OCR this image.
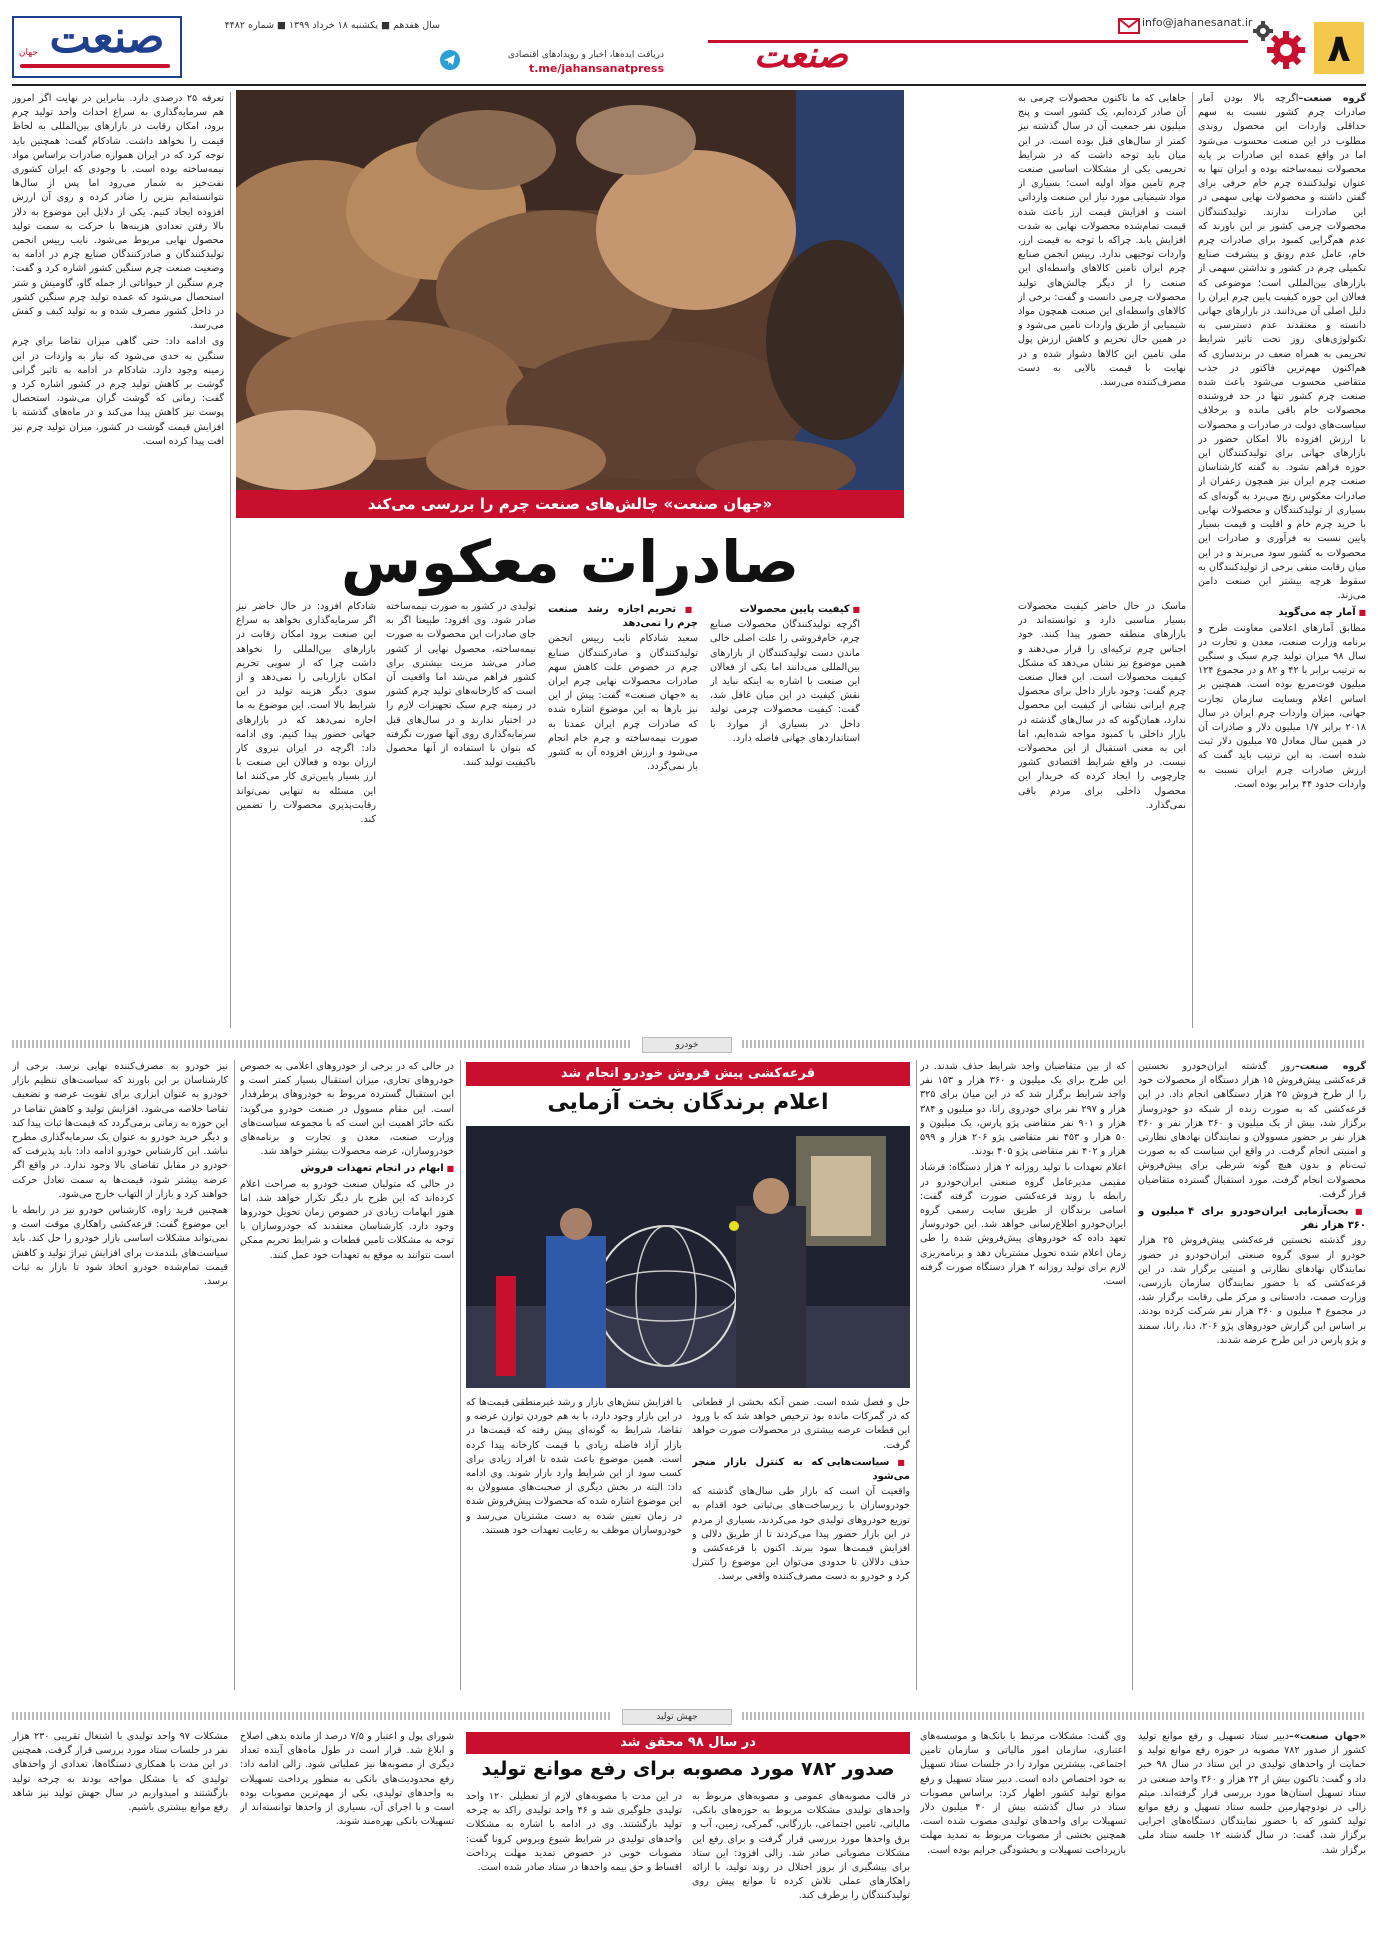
۸
info@jahanesanat.ir
صنعت
دریافت ایده‌ها، اخبار و رویدادهای اقتصادی
t.me/jahansanatpress
سال هفدهم ■ یکشنبه ۱۸ خرداد ۱۳۹۹ ■ شماره ۴۴۸۲
صنعت
جهان
«جهان صنعت» چالش‌های صنعت چرم را بررسی می‌کند
صادرات معکوس

گروه صنعت–اگرچه بالا بودن آمار صادرات چرم کشور نسبت به سهم حداقلی واردات این محصول روندی مطلوب در این صنعت محسوب می‌شود اما در واقع عمده این صادرات بر پایه محصولات نیمه‌ساخته بوده و ایران تنها به عنوان تولیدکننده چرم خام حرفی برای گفتن داشته و محصولات نهایی سهمی در این صادرات ندارند. تولیدکنندگان محصولات چرمی کشور بر این باورند که عدم هم‌گرایی کمبود برای صادرات چرم خام، عامل عدم رونق و پیشرفت صنایع تکمیلی چرم در کشور و نداشتن سهمی از بازارهای بین‌المللی است؛ موضوعی که فعالان این حوزه کیفیت پایین چرم ایران را دلیل اصلی آن می‌دانند. در بازارهای جهانی دانسته و معتقدند عدم دسترسی به تکنولوژی‌های روز تحت تاثیر شرایط تحریمی به همراه ضعف در برندسازی که هم‌اکنون مهم‌ترین فاکتور در جذب متقاضی محسوب می‌شود باعث شده صنعت چرم کشور تنها در حد فروشنده محصولات خام باقی مانده و برخلاف سیاست‌های دولت در صادرات و محصولات با ارزش افزوده بالا امکان حضور در بازارهای جهانی برای تولیدکنندگان این حوزه فراهم نشود. به گفته کارشناسان صنعت چرم ایران نیز همچون زعفران از صادرات معکوس رنج می‌برد به گونه‌ای که بسیاری از تولیدکنندگان و محصولات نهایی با خرید چرم خام و اقلیت و قیمت بسیار پایین نسبت به فرآوری و صادرات این محصولات به کشور سود می‌برند و در این میان رقابت منفی برخی از تولیدکنندگان به سقوط هرچه بیشتر این صنعت دامن می‌زند.

■ آمار چه می‌گوید

مطابق آمارهای اعلامی معاونت طرح و برنامه وزارت صنعت، معدن و تجارت در سال ۹۸ میزان تولید چرم سبک و سنگین به ترتیب برابر با ۴۲ و ۸۲ و در مجموع ۱۲۴ میلیون فوت‌مربع بوده است. همچنین بر اساس اعلام وبسایت سازمان تجارت جهانی، میزان واردات چرم ایران در سال ۲۰۱۸ برابر ۱/۷ میلیون دلار و صادرات آن در همین سال معادل ۷۵ میلیون دلار ثبت شده است. به این ترتیب باید گفت که ارزش صادرات چرم ایران نسبت به واردات حدود ۴۴ برابر بوده است.

جاهایی که ما تاکنون محصولات چرمی به آن صادر کرده‌ایم، یک کشور است و پنج میلیون نفر جمعیت آن در سال گذشته نیز کمتر از سال‌های قبل بوده است. در این میان باید توجه داشت که در شرایط تحریمی یکی از مشکلات اساسی صنعت چرم تامین مواد اولیه است؛ بسیاری از مواد شیمیایی مورد نیاز این صنعت وارداتی است و افزایش قیمت ارز باعث شده قیمت تمام‌شده محصولات نهایی به شدت افزایش یابد. چراکه با توجه به قیمت ارز، واردات توجیهی ندارد. رییس انجمن صنایع چرم ایران تامین کالاهای واسطه‌ای این صنعت را از دیگر چالش‌های تولید محصولات چرمی دانست و گفت: برخی از کالاهای واسطه‌ای این صنعت همچون مواد شیمیایی از طریق واردات تامین می‌شود و در همین حال تحریم و کاهش ارزش پول ملی تامین این کالاها دشوار شده و در نهایت با قیمت بالایی به دست مصرف‌کننده می‌رسد.

ماسک در حال حاضر کیفیت محصولات بسیار مناسبی دارد و توانسته‌اند در بازارهای منطقه حضور پیدا کنند. خود اجناس چرم ترکیه‌ای را قرار می‌دهند و همین موضوع نیز نشان می‌دهد که مشکل کیفیت محصولات است. این فعال صنعت چرم گفت: وجود بازار داخل برای محصول چرم ایرانی نشانی از کیفیت این محصول ندارد، همان‌گونه که در سال‌های گذشته در بازار داخلی با کمبود مواجه شده‌ایم، اما این به معنی استقبال از این محصولات نیست. در واقع شرایط اقتصادی کشور چارچوبی را ایجاد کرده که خریدار این محصول داخلی برای مردم باقی نمی‌گذارد.

■ کیفیت پایین محصولات

اگرچه تولیدکنندگان محصولات صنایع چرم، خام‌فروشی را علت اصلی خالی ماندن دست تولیدکنندگان از بازارهای بین‌المللی می‌دانند اما یکی از فعالان این صنعت با اشاره به اینکه نباید از نقش کیفیت در این میان غافل شد، گفت: کیفیت محصولات چرمی تولید داخل در بسیاری از موارد با استانداردهای جهانی فاصله دارد.

■ تحریم اجازه رشد صنعت چرم را نمی‌دهد

سعید شادکام نایب رییس انجمن تولیدکنندگان و صادرکنندگان صنایع چرم در خصوص علت کاهش سهم صادرات محصولات نهایی چرم ایران به «جهان صنعت» گفت: پیش از این نیز بارها به این موضوع اشاره شده که صادرات چرم ایران عمدتا به صورت نیمه‌ساخته و چرم خام انجام می‌شود و ارزش افزوده آن به کشور باز نمی‌گردد.

تولیدی در کشور به صورت نیمه‌ساخته صادر شود. وی افزود: طبیعتا اگر به جای صادرات این محصولات به صورت نیمه‌ساخته، محصول نهایی از کشور صادر می‌شد مزیت بیشتری برای کشور فراهم می‌شد اما واقعیت آن است که کارخانه‌های تولید چرم کشور در زمینه چرم سبک تجهیزات لازم را در اختیار ندارند و در سال‌های قبل سرمایه‌گذاری روی آنها صورت نگرفته که بتوان با استفاده از آنها محصول باکیفیت تولید کنند.

شادکام افزود: در حال حاضر نیز اگر سرمایه‌گذاری بخواهد به سراغ این صنعت برود امکان رقابت در بازارهای بین‌المللی را نخواهد داشت چرا که از سویی تحریم امکان بازاریابی را نمی‌دهد و از سوی دیگر هزینه تولید در این شرایط بالا است. این موضوع به ما اجازه نمی‌دهد که در بازارهای جهانی حضور پیدا کنیم. وی ادامه داد: اگرچه در ایران نیروی کار ارزان بوده و فعالان این صنعت با ارز بسیار پایین‌تری کار می‌کنند اما این مسئله به تنهایی نمی‌تواند رقابت‌پذیری محصولات را تضمین کند.

تعرفه ۲۵ درصدی دارد. بنابراین در نهایت اگر امروز هم سرمایه‌گذاری به سراغ احداث واحد تولید چرم برود، امکان رقابت در بازارهای بین‌المللی به لحاظ قیمت را نخواهد داشت. شادکام گفت: همچنین باید توجه کرد که در ایران همواره صادرات براساس مواد نیمه‌ساخته بوده است. با وجودی که ایران کشوری نفت‌خیز به شمار می‌رود اما پس از سال‌ها نتوانسته‌ایم بنزین را صادر کرده و روی آن ارزش افزوده ایجاد کنیم. یکی از دلایل این موضوع به دلار بالا رفتن تعدادی هزینه‌ها با حرکت به سمت تولید محصول نهایی مربوط می‌شود. نایب رییس انجمن تولیدکنندگان و صادرکنندگان صنایع چرم در ادامه به وضعیت صنعت چرم سنگین کشور اشاره کرد و گفت: چرم سنگین از حیواناتی از جمله گاو، گاومیش و شتر استحصال می‌شود که عمده تولید چرم سنگین کشور در داخل کشور مصرف شده و به تولید کیف و کفش می‌رسد.

وی ادامه داد: حتی گاهی میزان تقاضا برای چرم سنگین به حدی می‌شود که نیاز به واردات در این زمینه وجود دارد. شادکام در ادامه به تاثیر گرانی گوشت بر کاهش تولید چرم در کشور اشاره کرد و گفت: زمانی که گوشت گران می‌شود، استحصال پوست نیز کاهش پیدا می‌کند و در ماه‌های گذشته با افزایش قیمت گوشت در کشور، میزان تولید چرم نیز افت پیدا کرده است.

خودرو
قرعه‌کشی پیش فروش خودرو انجام شد
اعلام برندگان بخت آزمایی

گروه صنعت–روز گذشته ایران‌خودرو نخستین قرعه‌کشی پیش‌فروش ۱۵ هزار دستگاه از محصولات خود را از طرح فروش ۲۵ هزار دستگاهی انجام داد. در این قرعه‌کشی که به صورت زنده از شبکه دو خودروساز برگزار شد، بیش از یک میلیون و ۳۶۰ هزار نفر و ۳۶۰ هزار نفر بر حضور مسوولان و نمایندگان نهادهای نظارتی و امنیتی انجام گرفت. در واقع این سیاست که به صورت ثبت‌نام و بدون هیچ گونه شرطی برای پیش‌فروش محصولات انجام گرفت، مورد استقبال گسترده متقاضیان قرار گرفت.

■ بخت‌آزمایی ایران‌خودرو برای ۴ میلیون و ۳۶۰ هزار نفر

روز گذشته نخستین قرعه‌کشی پیش‌فروش ۲۵ هزار خودرو از سوی گروه صنعتی ایران‌خودرو در حضور نمایندگان نهادهای نظارتی و امنیتی برگزار شد. در این قرعه‌کشی که با حضور نمایندگان سازمان بازرسی، وزارت صمت، دادستانی و مرکز ملی رقابت برگزار شد، در مجموع ۴ میلیون و ۳۶۰ هزار نفر شرکت کرده بودند. بر اساس این گزارش خودروهای پژو ۲۰۶، دنا، رانا، سمند و پژو پارس در این طرح عرضه شدند.

که از بین متقاضیان واجد شرایط حذف شدند. در این طرح برای یک میلیون و ۳۶۰ هزار و ۱۵۳ نفر واجد شرایط برگزار شد که در این میان برای ۳۲۵ هزار و ۲۹۷ نفر برای خودروی رانا، دو میلیون و ۳۸۴ هزار و ۹۰۱ نفر متقاضی پژو پارس، یک میلیون و ۵۰ هزار و ۴۵۳ نفر متقاضی پژو ۲۰۶ هزار و ۵۹۹ هزار و ۴۰۲ نفر متقاضی پژو ۴۰۵ بودند.

اعلام تعهدات با تولید روزانه ۲ هزار دستگاه: فرشاد مقیمی مدیرعامل گروه صنعتی ایران‌خودرو در رابطه با روند قرعه‌کشی صورت گرفته گفت: اسامی برندگان از طریق سایت رسمی گروه ایران‌خودرو اطلاع‌رسانی خواهد شد. این خودروساز تعهد داده که خودروهای پیش‌فروش شده را طی زمان اعلام شده تحویل مشتریان دهد و برنامه‌ریزی لازم برای تولید روزانه ۲ هزار دستگاه صورت گرفته است.

حل و فصل شده است. ضمن آنکه بخشی از قطعاتی که در گمرکات مانده بود ترخیص خواهد شد که با ورود این قطعات عرضه بیشتری در محصولات صورت خواهد گرفت.

■ سیاست‌هایی که به کنترل بازار منجر می‌شود

واقعیت آن است که بازار طی سال‌های گذشته که خودروسازان با زیرساخت‌های بی‌ثباتی خود اقدام به توزیع خودروهای تولیدی خود می‌کردند، بسیاری از مردم در این بازار حضور پیدا می‌کردند تا از طریق دلالی و افزایش قیمت‌ها سود ببرند. اکنون با قرعه‌کشی و حذف دلالان تا حدودی می‌توان این موضوع را کنترل کرد و خودرو به دست مصرف‌کننده واقعی برسد.

با افزایش تنش‌های بازار و رشد غیرمنطقی قیمت‌ها که در این بازار وجود دارد، با به هم خوردن توازن عرضه و تقاضا، شرایط به گونه‌ای پیش رفته که قیمت‌ها در بازار آزاد فاصله زیادی با قیمت کارخانه پیدا کرده است. همین موضوع باعث شده تا افراد زیادی برای کسب سود از این شرایط وارد بازار شوند. وی ادامه داد: البته در بخش دیگری از صحبت‌های مسوولان به این موضوع اشاره شده که محصولات پیش‌فروش شده در زمان تعیین شده به دست مشتریان می‌رسد و خودروسازان موظف به رعایت تعهدات خود هستند.

در حالی که در برخی از خودروهای اعلامی به خصوص خودروهای تجاری، میزان استقبال بسیار کمتر است و این استقبال گسترده مربوط به خودروهای پرطرفدار است. این مقام مسوول در صنعت خودرو می‌گوید: نکته حائز اهمیت این است که با مجموعه سیاست‌های وزارت صنعت، معدن و تجارت و برنامه‌های خودروسازان، عرضه محصولات بیشتر خواهد شد.

■ ابهام در انجام تعهدات فروش

در حالی که متولیان صنعت خودرو به صراحت اعلام کرده‌اند که این طرح بار دیگر تکرار خواهد شد، اما هنوز ابهامات زیادی در خصوص زمان تحویل خودروها وجود دارد. کارشناسان معتقدند که خودروسازان با توجه به مشکلات تامین قطعات و شرایط تحریم ممکن است نتوانند به موقع به تعهدات خود عمل کنند.

نیز خودرو به مصرف‌کننده نهایی نرسد. برخی از کارشناسان بر این باورند که سیاست‌های تنظیم بازار خودرو به عنوان ابزاری برای تقویت عرضه و تضعیف تقاضا خلاصه می‌شود. افزایش تولید و کاهش تقاضا در این حوزه به زمانی برمی‌گردد که قیمت‌ها ثبات پیدا کند و دیگر خرید خودرو به عنوان یک سرمایه‌گذاری مطرح نباشد. این کارشناس خودرو ادامه داد: باید پذیرفت که خودرو در مقابل تقاضای بالا وجود ندارد. در واقع اگر عرضه بیشتر شود، قیمت‌ها به سمت تعادل حرکت خواهند کرد و بازار از التهاب خارج می‌شود.

همچنین فرید زاوه، کارشناس خودرو نیز در رابطه با این موضوع گفت: قرعه‌کشی راهکاری موقت است و نمی‌تواند مشکلات اساسی بازار خودرو را حل کند. باید سیاست‌های بلندمدت برای افزایش تیراژ تولید و کاهش قیمت تمام‌شده خودرو اتخاذ شود تا بازار به ثبات برسد.

جهش تولید
در سال ۹۸ محقق شد
صدور ۷۸۲ مورد مصوبه برای رفع موانع تولید

«جهان صنعت»–دبیر ستاد تسهیل و رفع موانع تولید کشور از صدور ۷۸۲ مصوبه در حوزه رفع موانع تولید و حمایت از واحدهای تولیدی در این ستاد در سال ۹۸ خبر داد و گفت: تاکنون بیش از ۲۴ هزار و ۳۶۰ واحد صنعتی در ستاد تسهیل استان‌ها مورد بررسی قرار گرفته‌اند. میثم زالی در نودوچهارمین جلسه ستاد تسهیل و رفع موانع تولید کشور که با حضور نمایندگان دستگاه‌های اجرایی برگزار شد، گفت: در سال گذشته ۱۲ جلسه ستاد ملی برگزار شد.

وی گفت: مشکلات مرتبط با بانک‌ها و موسسه‌های اعتباری، سازمان امور مالیاتی و سازمان تامین اجتماعی، بیشترین موارد را در جلسات ستاد تسهیل به خود اختصاص داده است. دبیر ستاد تسهیل و رفع موانع تولید کشور اظهار کرد: براساس مصوبات ستاد در سال گذشته بیش از ۴۰ میلیون دلار تسهیلات برای واحدهای تولیدی مصوب شده است. همچنین بخشی از مصوبات مربوط به تمدید مهلت بازپرداخت تسهیلات و بخشودگی جرایم بوده است.

در قالب مصوبه‌های عمومی و مصوبه‌های مربوط به واحدهای تولیدی مشکلات مربوط به حوزه‌های بانکی، مالیاتی، تامین اجتماعی، بازرگانی، گمرکی، زمین، آب و برق واحدها مورد بررسی قرار گرفت و برای رفع این مشکلات مصوباتی صادر شد. زالی افزود: این ستاد برای پیشگیری از بروز اختلال در روند تولید، با ارائه راهکارهای عملی تلاش کرده تا موانع پیش روی تولیدکنندگان را برطرف کند.

در این مدت با مصوبه‌های لازم از تعطیلی ۱۲۰ واحد تولیدی جلوگیری شد و ۴۶ واحد تولیدی راکد به چرخه تولید بازگشتند. وی در ادامه با اشاره به مشکلات واحدهای تولیدی در شرایط شیوع ویروس کرونا گفت: مصوبات خوبی در خصوص تمدید مهلت پرداخت اقساط و حق بیمه واحدها در ستاد صادر شده است.

شورای پول و اعتبار و ۷/۵ درصد از مانده بدهی اصلاح و ابلاغ شد. قرار است در طول ماه‌های آینده تعداد دیگری از مصوبه‌ها نیز عملیاتی شود. زالی ادامه داد: رفع محدودیت‌های بانکی به منظور پرداخت تسهیلات به واحدهای تولیدی، یکی از مهم‌ترین مصوبات بوده است و با اجرای آن، بسیاری از واحدها توانسته‌اند از تسهیلات بانکی بهره‌مند شوند.

مشکلات ۹۷ واحد تولیدی با اشتغال تقریبی ۲۳۰ هزار نفر در جلسات ستاد مورد بررسی قرار گرفت. همچنین در این مدت با همکاری دستگاه‌ها، تعدادی از واحدهای تولیدی که با مشکل مواجه بودند به چرخه تولید بازگشتند و امیدواریم در سال جهش تولید نیز شاهد رفع موانع بیشتری باشیم.
